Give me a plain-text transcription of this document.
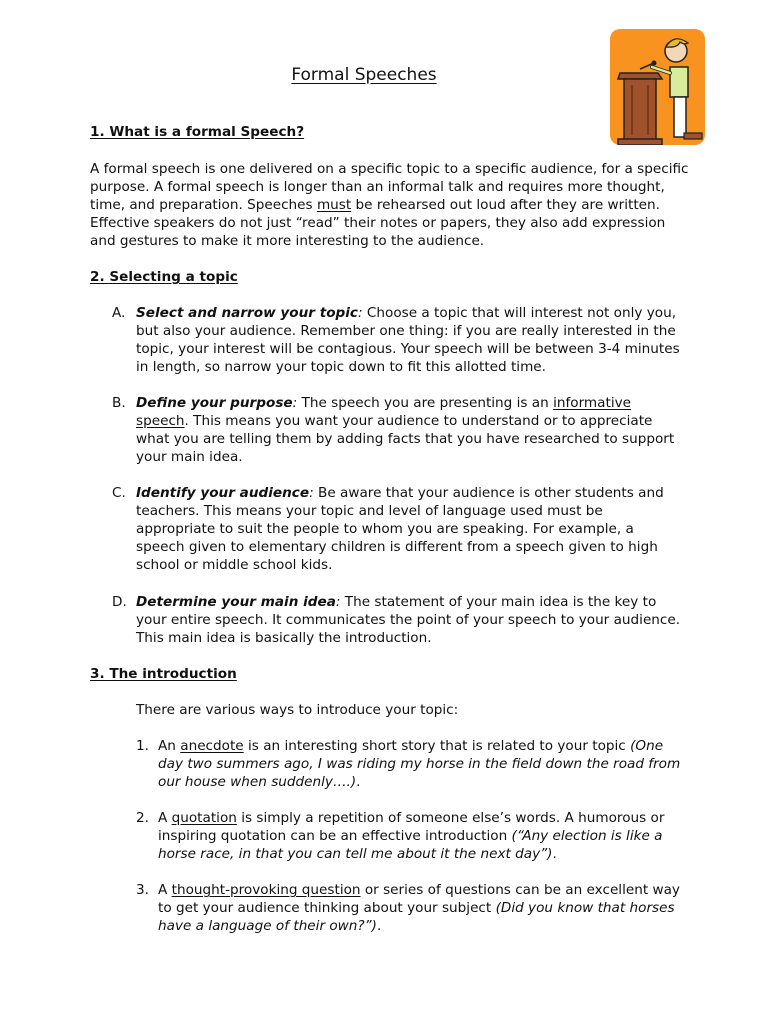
Formal Speeches

1. What is a formal Speech?

A formal speech is one delivered on a specific topic to a specific audience, for a specific purpose. A formal speech is longer than an informal talk and requires more thought, time, and preparation. Speeches must be rehearsed out loud after they are written. Effective speakers do not just “read” their notes or papers, they also add expression and gestures to make it more interesting to the audience.

2. Selecting a topic

A. Select and narrow your topic: Choose a topic that will interest not only you, but also your audience. Remember one thing: if you are really interested in the topic, your interest will be contagious. Your speech will be between 3-4 minutes in length, so narrow your topic down to fit this allotted time.
B. Define your purpose: The speech you are presenting is an informative speech. This means you want your audience to understand or to appreciate what you are telling them by adding facts that you have researched to support your main idea.
C. Identify your audience: Be aware that your audience is other students and teachers. This means your topic and level of language used must be appropriate to suit the people to whom you are speaking. For example, a speech given to elementary children is different from a speech given to high school or middle school kids.
D. Determine your main idea: The statement of your main idea is the key to your entire speech. It communicates the point of your speech to your audience. This main idea is basically the introduction.

3. The introduction

There are various ways to introduce your topic:

1. An anecdote is an interesting short story that is related to your topic (One day two summers ago, I was riding my horse in the field down the road from our house when suddenly….).
2. A quotation is simply a repetition of someone else’s words. A humorous or inspiring quotation can be an effective introduction (“Any election is like a horse race, in that you can tell me about it the next day”).
3. A thought-provoking question or series of questions can be an excellent way to get your audience thinking about your subject (Did you know that horses have a language of their own?”).
